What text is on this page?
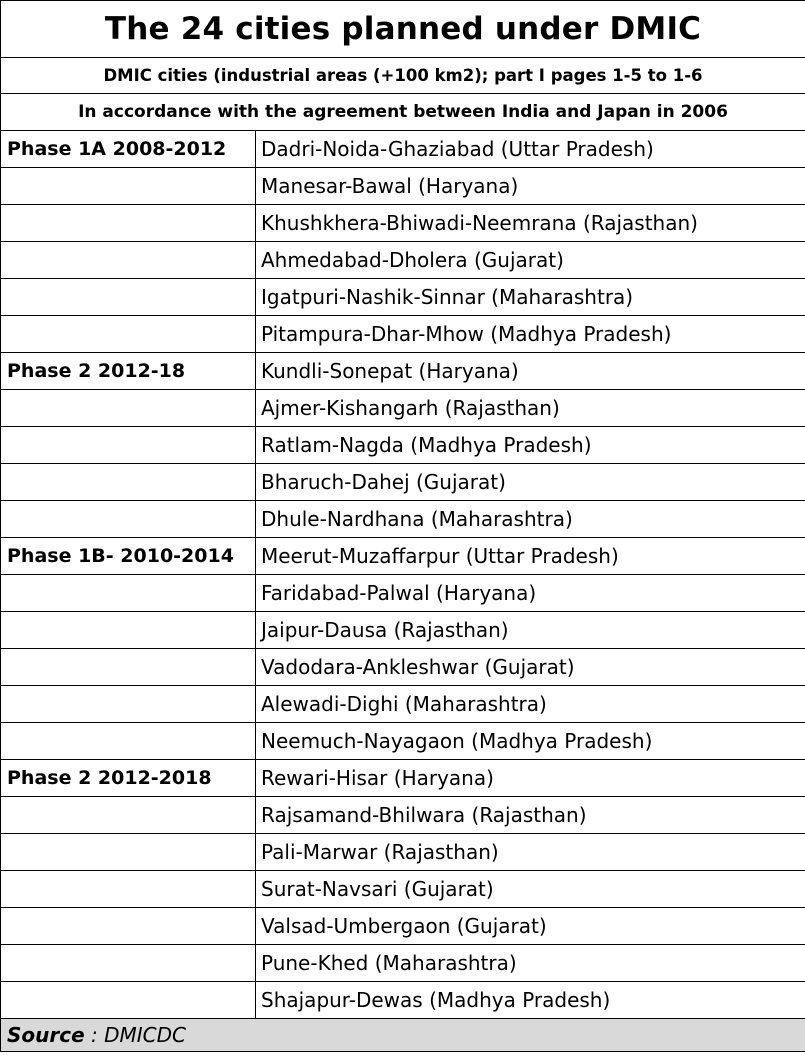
The 24 cities planned under DMIC	
DMIC cities (industrial areas (+100 km2); part I pages 1-5 to 1-6	
In accordance with the agreement between India and Japan in 2006	
Phase 1A 2008-2012	Dadri-Noida-Ghaziabad (Uttar Pradesh)
	Manesar-Bawal (Haryana)
	Khushkhera-Bhiwadi-Neemrana (Rajasthan)
	Ahmedabad-Dholera (Gujarat)
	Igatpuri-Nashik-Sinnar (Maharashtra)
	Pitampura-Dhar-Mhow (Madhya Pradesh)
Phase 2 2012-18	Kundli-Sonepat (Haryana)
	Ajmer-Kishangarh (Rajasthan)
	Ratlam-Nagda (Madhya Pradesh)
	Bharuch-Dahej (Gujarat)
	Dhule-Nardhana (Maharashtra)
Phase 1B- 2010-2014	Meerut-Muzaffarpur (Uttar Pradesh)
	Faridabad-Palwal (Haryana)
	Jaipur-Dausa (Rajasthan)
	Vadodara-Ankleshwar (Gujarat)
	Alewadi-Dighi (Maharashtra)
	Neemuch-Nayagaon (Madhya Pradesh)
Phase 2 2012-2018	Rewari-Hisar (Haryana)
	Rajsamand-Bhilwara (Rajasthan)
	Pali-Marwar (Rajasthan)
	Surat-Navsari (Gujarat)
	Valsad-Umbergaon (Gujarat)
	Pune-Khed (Maharashtra)
	Shajapur-Dewas (Madhya Pradesh)
Source : DMICDC	
